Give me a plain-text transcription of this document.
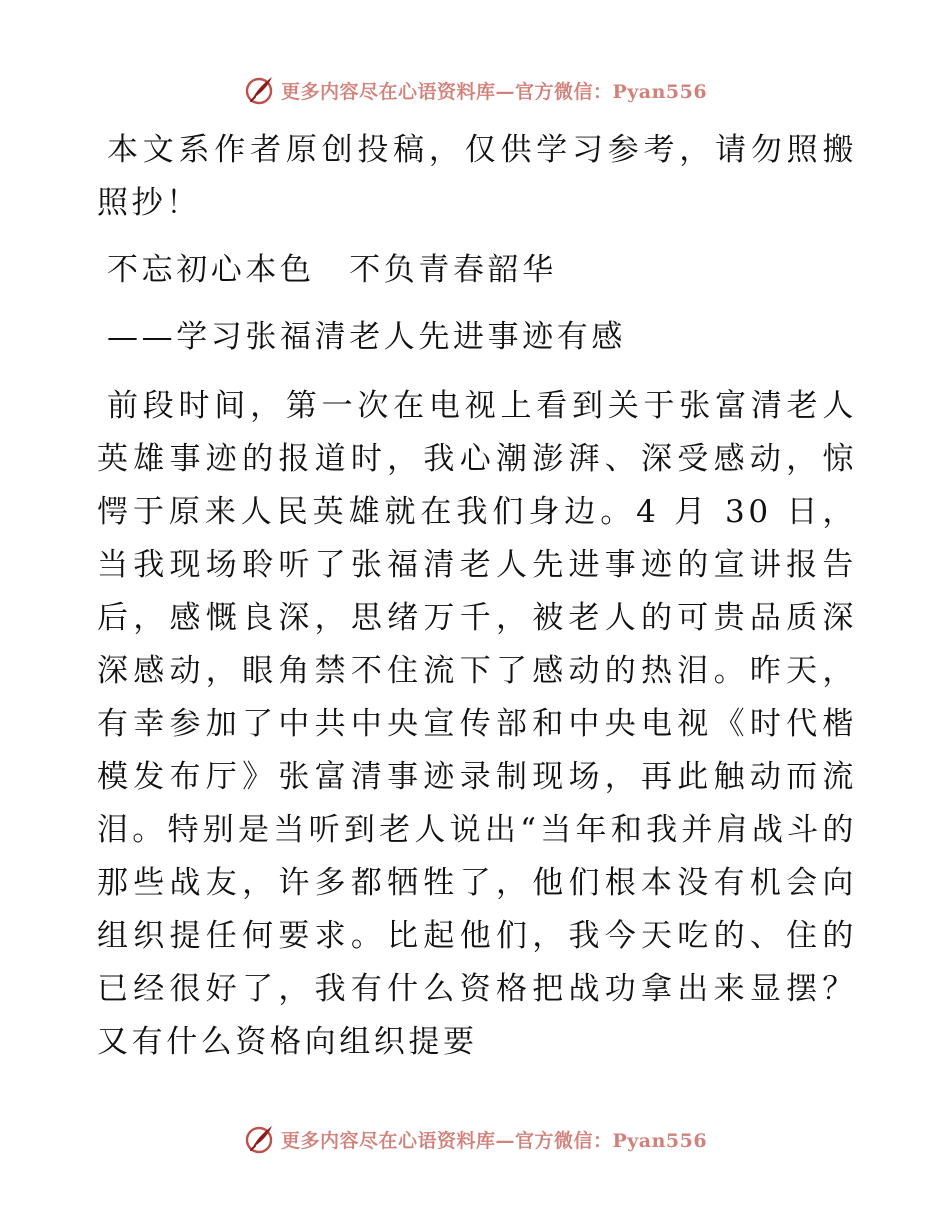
更多内容尽在心语资料库—官方微信：Pyan556

本文系作者原创投稿，仅供学习参考，请勿照搬照抄！

不忘初心本色　不负青春韶华

——学习张福清老人先进事迹有感

前段时间，第一次在电视上看到关于张富清老人英雄事迹的报道时，我心潮澎湃、深受感动，惊愕于原来人民英雄就在我们身边。4 月 30 日，当我现场聆听了张福清老人先进事迹的宣讲报告后，感慨良深，思绪万千，被老人的可贵品质深深感动，眼角禁不住流下了感动的热泪。昨天，有幸参加了中共中央宣传部和中央电视《时代楷模发布厅》张富清事迹录制现场，再此触动而流泪。特别是当听到老人说出“当年和我并肩战斗的那些战友，许多都牺牲了，他们根本没有机会向组织提任何要求。比起他们，我今天吃的、住的已经很好了，我有什么资格把战功拿出来显摆？又有什么资格向组织提要

更多内容尽在心语资料库—官方微信：Pyan556
